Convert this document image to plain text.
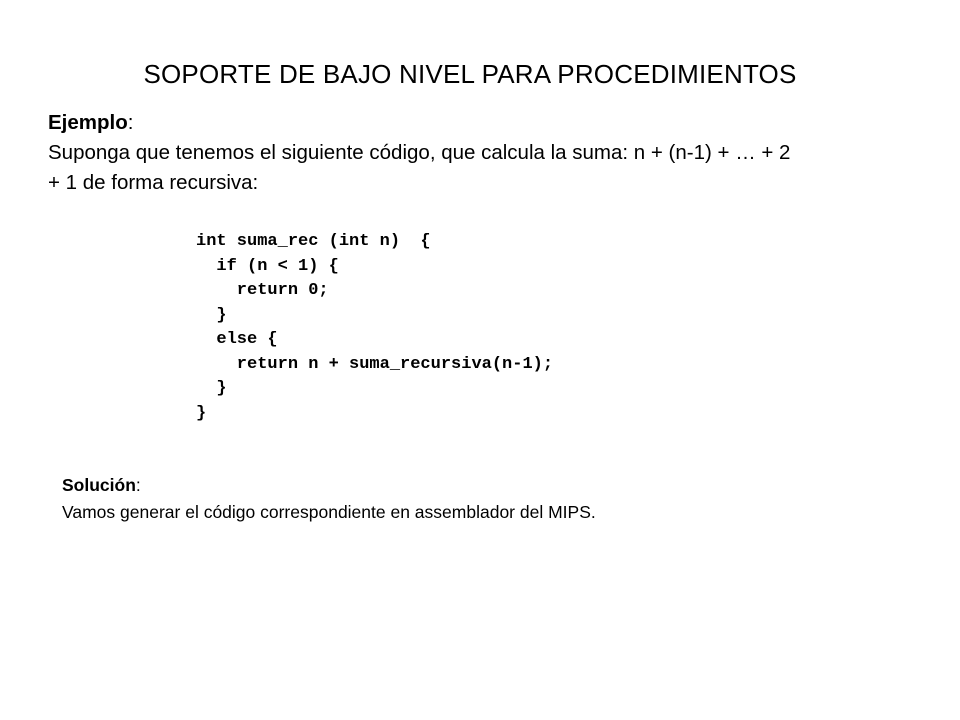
SOPORTE DE BAJO NIVEL PARA PROCEDIMIENTOS
Ejemplo:
Suponga que tenemos el siguiente código, que calcula la suma: n + (n-1) + … + 2
+ 1 de forma recursiva:
int suma_rec (int n)  {
if (n < 1) {
return 0;
}
else {
return n + suma_recursiva(n-1);
}
}
Solución:
Vamos generar el código correspondiente en assemblador del MIPS.
